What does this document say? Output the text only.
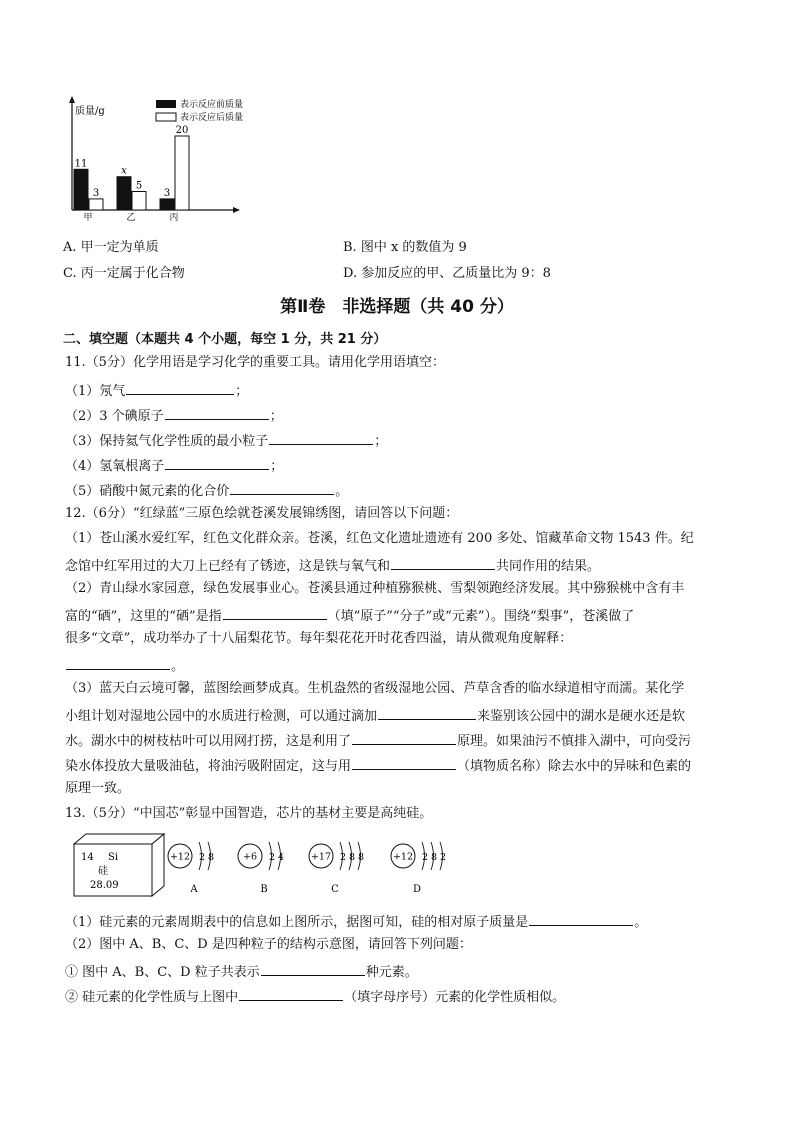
质量/g
表示反应前质量
表示反应后质量
11
3
甲
x
5
乙
3
20
丙
A. 甲一定为单质	B. 图中 x 的数值为 9
C. 丙一定属于化合物	D. 参加反应的甲、乙质量比为 9：8
第Ⅱ卷　非选择题（共 40 分）
二、填空题（本题共 4 个小题，每空 1 分，共 21 分）
11.（5分）化学用语是学习化学的重要工具。请用化学用语填空：
（1）氖气	；
（2）3 个碘原子	；
（3）保持氦气化学性质的最小粒子	；
（4）氢氧根离子	；
（5）硝酸中氮元素的化合价	。
12.（6分）“红绿蓝”三原色绘就苍溪发展锦绣图，请回答以下问题：
（1）苍山溪水爱红军，红色文化群众亲。苍溪，红色文化遗址遗迹有 200 多处、馆藏革命文物 1543 件。纪
念馆中红军用过的大刀上已经有了锈迹，这是铁与氧气和	共同作用的结果。
（2）青山绿水家园意，绿色发展事业心。苍溪县通过种植猕猴桃、雪梨领跑经济发展。其中猕猴桃中含有丰
富的“硒”，这里的“硒”是指	（填“原子”“分子”或“元素”）。围绕“梨事”，苍溪做了
很多“文章”，成功举办了十八届梨花节。每年梨花花开时花香四溢，请从微观角度解释：
。
（3）蓝天白云境可馨，蓝图绘画梦成真。生机盎然的省级湿地公园、芦草含香的临水绿道相守而濡。某化学
小组计划对湿地公园中的水质进行检测，可以通过滴加	来鉴别该公园中的湖水是硬水还是软
水。湖水中的树枝枯叶可以用网打捞，这是利用了	原理。如果油污不慎排入湖中，可向受污
染水体投放大量吸油毡，将油污吸附固定，这与用	（填物质名称）除去水中的异味和色素的
原理一致。
13.（5分）“中国芯”彰显中国智造，芯片的基材主要是高纯硅。
14 Si
硅
28.09
+12 2 8
A
+6 2 4
B
+17 2 8 8
C
+12 2 8 2
D
（1）硅元素的元素周期表中的信息如上图所示，据图可知，硅的相对原子质量是	。
（2）图中 A、B、C、D 是四种粒子的结构示意图，请回答下列问题：
① 图中 A、B、C、D 粒子共表示	种元素。
② 硅元素的化学性质与上图中	（填字母序号）元素的化学性质相似。
